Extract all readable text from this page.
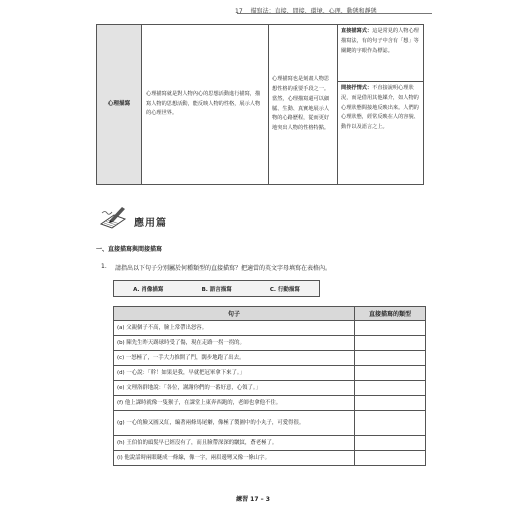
17 描寫法：直接、間接、環境、心理、動態和靜態
心理描寫	心理描寫就是對人物內心的思想活動進行描寫，描寫人物的思想活動，能反映人物的性格，展示人物的心理世界。	心理描寫也是刻畫人物思想性格的重要手段之一。當然，心理描寫還可以細膩、生動、真實地展示人物的心路歷程，從而更好地突出人物的性格特點。	
直接描寫式：這是常見的人物心理描寫法，有的句子中含有「想」等關鍵的字眼作為標誌。
間接抒情式：不直接說明心理狀況，而是借用其他媒介，如人物的心理狀態間接地反映出來。人們的心理狀態，經常反映在人的容貌、動作以及語言之上。
應用篇
一、直接描寫與間接描寫
1. 請指出以下句子分別屬於何種類型的直接描寫？把適當的英文字母填寫在表格內。
A. 肖像描寫	B. 語言描寫	C. 行動描寫
句子	直接描寫的類型
(a) 父親個子不高，臉上常帶出怒容。	
(b) 陳先生昨天踢球時受了傷，現在走路一拐一拐的。	
(c) 一怒極了，一手大力推開了門，闊步地跑了出去。	
(d) 一心說：「幹！如果是我，早就把冠軍拿下來了。」	
(e) 文理洛群地說：「各位，謝謝你們的一番好意，心領了。」	
(f) 他上課時就像一隻猴子，在課堂上東奔西跑的，老師也拿他不住。	
(g) 一心的臉又圓又紅，編著兩條馬尾辮，像極了製圖中的小丸子，可愛得很。	
(h) 王伯伯的頭髮早已經沒有了，而且臉帶深深的皺紋，蒼老極了。	
(i) 他說話時兩眼瞇成一條線，像一字，兩眉邊彎又像一條山字。	
練習 17 – 3
